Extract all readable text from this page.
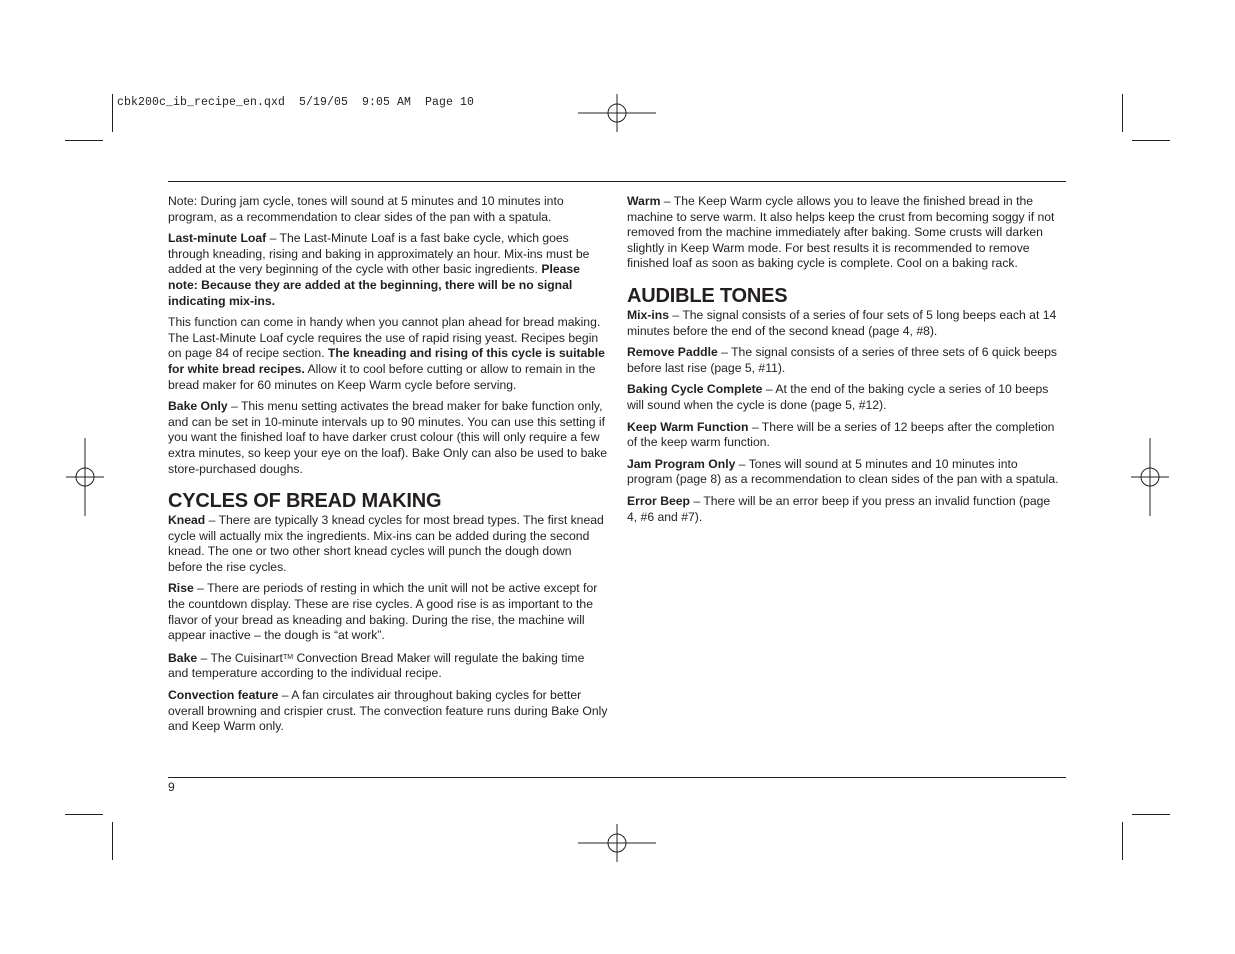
cbk200c_ib_recipe_en.qxd  5/19/05  9:05 AM  Page 10

Note: During jam cycle, tones will sound at 5 minutes and 10 minutes into program, as a recommendation to clear sides of the pan with a spatula.

Last-minute Loaf – The Last-Minute Loaf is a fast bake cycle, which goes through kneading, rising and baking in approximately an hour. Mix-ins must be added at the very beginning of the cycle with other basic ingredients. Please note: Because they are added at the beginning, there will be no signal indicating mix-ins.

This function can come in handy when you cannot plan ahead for bread making. The Last-Minute Loaf cycle requires the use of rapid rising yeast. Recipes begin on page 84 of recipe section. The kneading and rising of this cycle is suitable for white bread recipes. Allow it to cool before cutting or allow to remain in the bread maker for 60 minutes on Keep Warm cycle before serving.

Bake Only – This menu setting activates the bread maker for bake function only, and can be set in 10-minute intervals up to 90 minutes. You can use this setting if you want the finished loaf to have darker crust colour (this will only require a few extra minutes, so keep your eye on the loaf). Bake Only can also be used to bake store-purchased doughs.

CYCLES OF BREAD MAKING

Knead – There are typically 3 knead cycles for most bread types. The first knead cycle will actually mix the ingredients. Mix-ins can be added during the second knead. The one or two other short knead cycles will punch the dough down before the rise cycles.

Rise – There are periods of resting in which the unit will not be active except for the countdown display. These are rise cycles. A good rise is as important to the flavor of your bread as kneading and baking. During the rise, the machine will appear inactive – the dough is “at work”.

Bake – The Cuisinart™ Convection Bread Maker will regulate the baking time and temperature according to the individual recipe.

Convection feature – A fan circulates air throughout baking cycles for better overall browning and crispier crust. The convection feature runs during Bake Only and Keep Warm only.

Warm – The Keep Warm cycle allows you to leave the finished bread in the machine to serve warm. It also helps keep the crust from becoming soggy if not removed from the machine immediately after baking. Some crusts will darken slightly in Keep Warm mode. For best results it is recommended to remove finished loaf as soon as baking cycle is complete. Cool on a baking rack.

AUDIBLE TONES

Mix-ins – The signal consists of a series of four sets of 5 long beeps each at 14 minutes before the end of the second knead (page 4, #8).

Remove Paddle – The signal consists of a series of three sets of 6 quick beeps before last rise (page 5, #11).

Baking Cycle Complete – At the end of the baking cycle a series of 10 beeps will sound when the cycle is done (page 5, #12).

Keep Warm Function – There will be a series of 12 beeps after the completion of the keep warm function.

Jam Program Only – Tones will sound at 5 minutes and 10 minutes into program (page 8) as a recommendation to clean sides of the pan with a spatula.

Error Beep – There will be an error beep if you press an invalid function (page 4, #6 and #7).

9
